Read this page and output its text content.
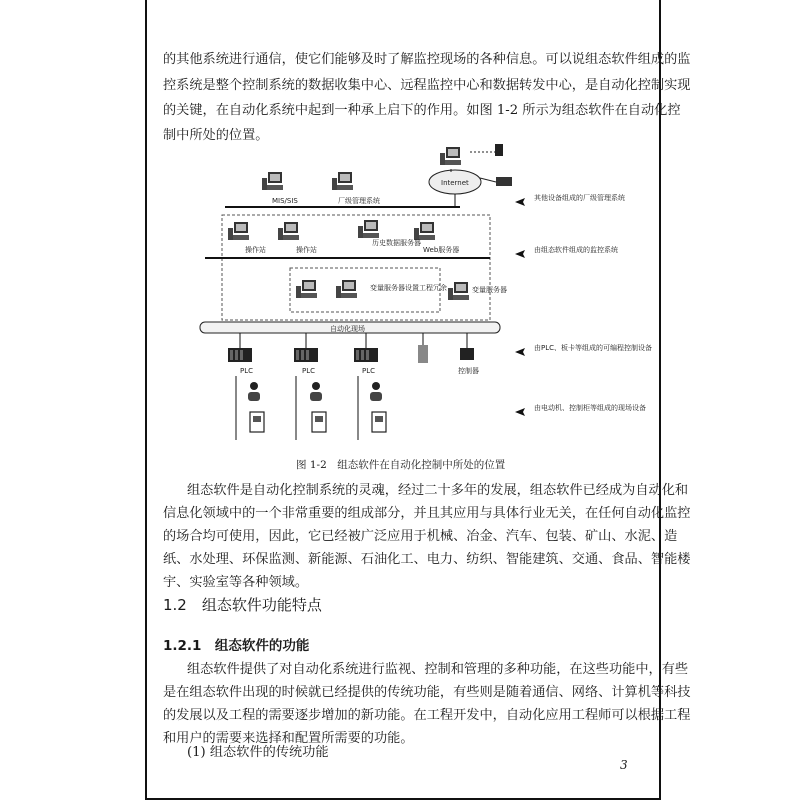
的其他系统进行通信，使它们能够及时了解监控现场的各种信息。可以说组态软件组成的监
控系统是整个控制系统的数据收集中心、远程监控中心和数据转发中心，是自动化控制实现
的关键，在自动化系统中起到一种承上启下的作用。如图 1-2 所示为组态软件在自动化控
制中所处的位置。
Internet
MIS/SIS	厂级管理系统
操作站	操作站
历史数据服务器
Web服务器
变量服务器设置工程冗余	变量服务器
自动化现场
PLC	PLC	PLC	控制器
其他设备组成的厂级管理系统
由组态软件组成的监控系统
由PLC、板卡等组成的可编程控制设备
由电动机、控制柜等组成的现场设备
图 1-2　组态软件在自动化控制中所处的位置
组态软件是自动化控制系统的灵魂，经过二十多年的发展，组态软件已经成为自动化和
信息化领域中的一个非常重要的组成部分，并且其应用与具体行业无关，在任何自动化监控
的场合均可使用，因此，它已经被广泛应用于机械、冶金、汽车、包装、矿山、水泥、造
纸、水处理、环保监测、新能源、石油化工、电力、纺织、智能建筑、交通、食品、智能楼
宇、实验室等各种领域。
1.2　组态软件功能特点
1.2.1　组态软件的功能
组态软件提供了对自动化系统进行监视、控制和管理的多种功能，在这些功能中，有些
是在组态软件出现的时候就已经提供的传统功能，有些则是随着通信、网络、计算机等科技
的发展以及工程的需要逐步增加的新功能。在工程开发中，自动化应用工程师可以根据工程
和用户的需要来选择和配置所需要的功能。
(1) 组态软件的传统功能
3
